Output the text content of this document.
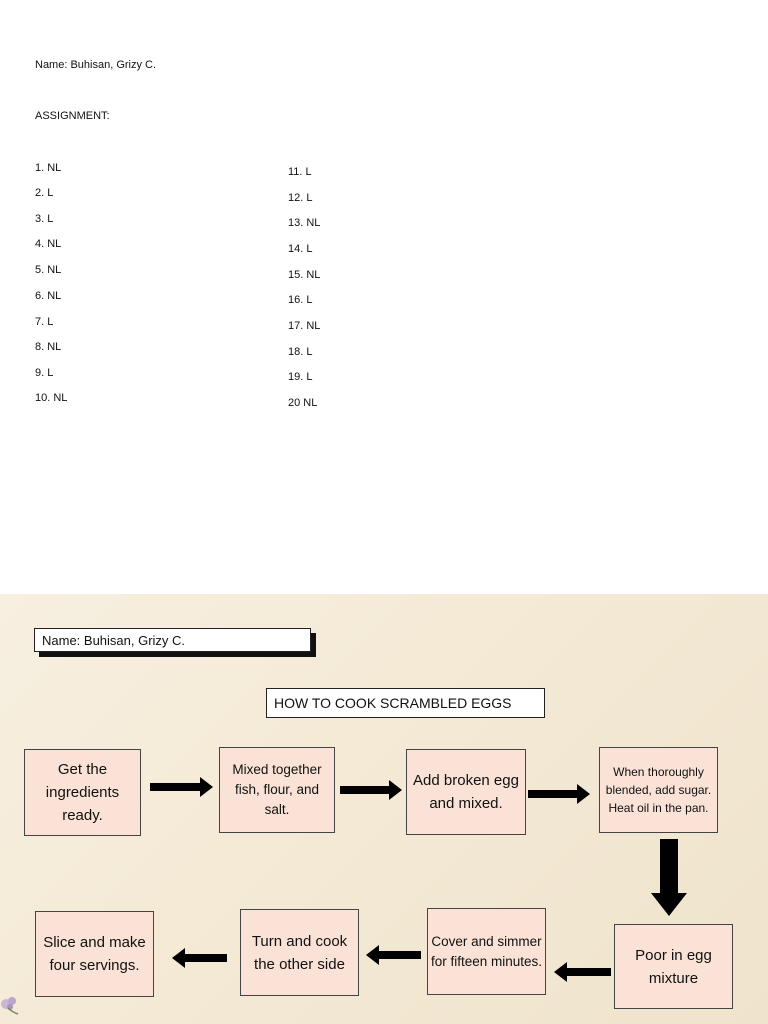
Name: Buhisan, Grizy C.
ASSIGNMENT:
1. NL
2. L
3. L
4. NL
5. NL
6. NL
7. L
8. NL
9. L
10. NL
11. L
12. L
13. NL
14. L
15. NL
16. L
17. NL
18. L
19. L
20 NL
Name: Buhisan, Grizy C.
HOW TO COOK SCRAMBLED EGGS
Get the ingredients ready.
Mixed together fish, flour, and salt.
Add broken egg and mixed.
When thoroughly blended, add sugar. Heat oil in the pan.
Poor in egg mixture
Cover and simmer for fifteen minutes.
Turn and cook the other side
Slice and make four servings.
